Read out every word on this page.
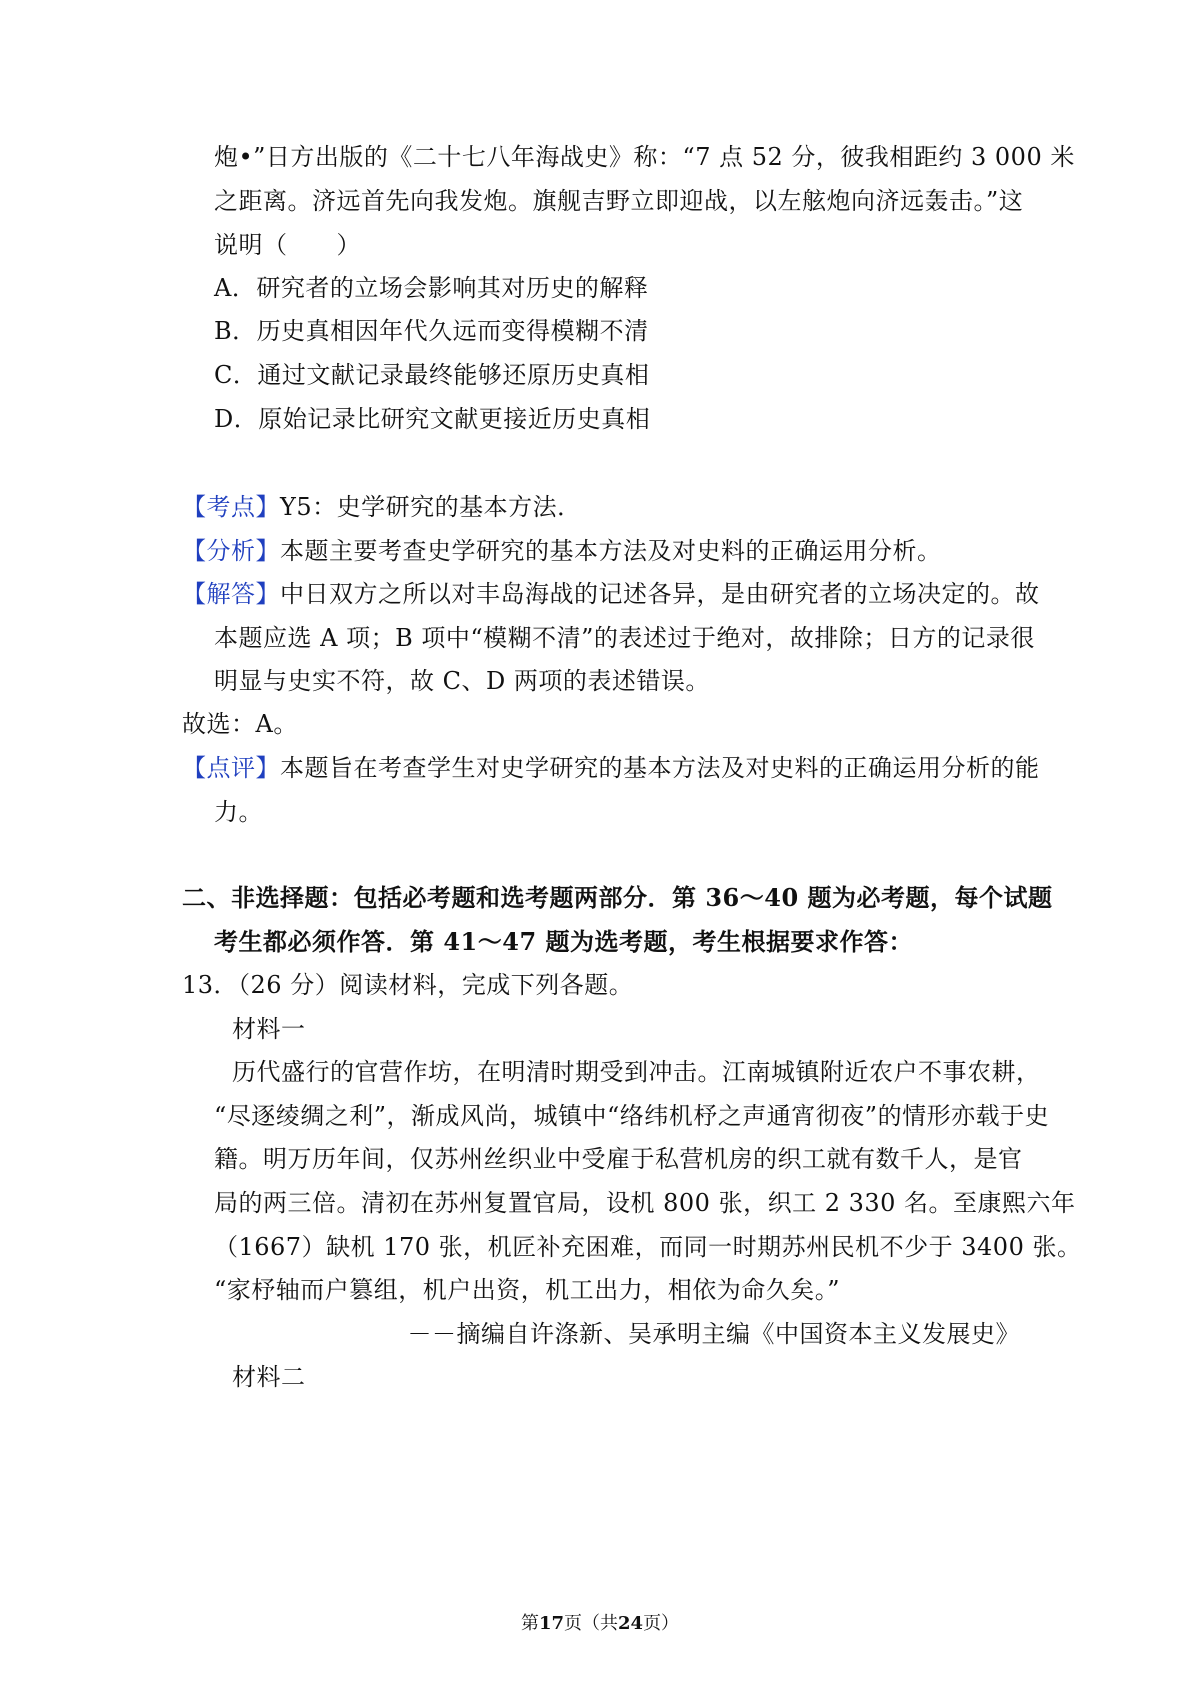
炮•”日方出版的《二十七八年海战史》称：“7 点 52 分，彼我相距约 3 000 米
之距离。济远首先向我发炮。旗舰吉野立即迎战，以左舷炮向济远轰击。”这
说明（　　）
A．研究者的立场会影响其对历史的解释
B．历史真相因年代久远而变得模糊不清
C．通过文献记录最终能够还原历史真相
D．原始记录比研究文献更接近历史真相
【考点】Y5：史学研究的基本方法．
【分析】本题主要考查史学研究的基本方法及对史料的正确运用分析。
【解答】中日双方之所以对丰岛海战的记述各异，是由研究者的立场决定的。故
本题应选 A 项；B 项中“模糊不清”的表述过于绝对，故排除；日方的记录很
明显与史实不符，故 C、D 两项的表述错误。
故选：A。
【点评】本题旨在考查学生对史学研究的基本方法及对史料的正确运用分析的能
力。
二、非选择题：包括必考题和选考题两部分．第 36～40 题为必考题，每个试题
考生都必须作答．第 41～47 题为选考题，考生根据要求作答：
13．（26 分）阅读材料，完成下列各题。
材料一
历代盛行的官营作坊，在明清时期受到冲击。江南城镇附近农户不事农耕，
“尽逐绫绸之利”，渐成风尚，城镇中“络纬机杼之声通宵彻夜”的情形亦载于史
籍。明万历年间，仅苏州丝织业中受雇于私营机房的织工就有数千人，是官
局的两三倍。清初在苏州复置官局，设机 800 张，织工 2 330 名。至康熙六年
（1667）缺机 170 张，机匠补充困难，而同一时期苏州民机不少于 3400 张。
“家杼轴而户篡组，机户出资，机工出力，相依为命久矣。”
－－摘编自许涤新、吴承明主编《中国资本主义发展史》
材料二
第17页（共24页）
